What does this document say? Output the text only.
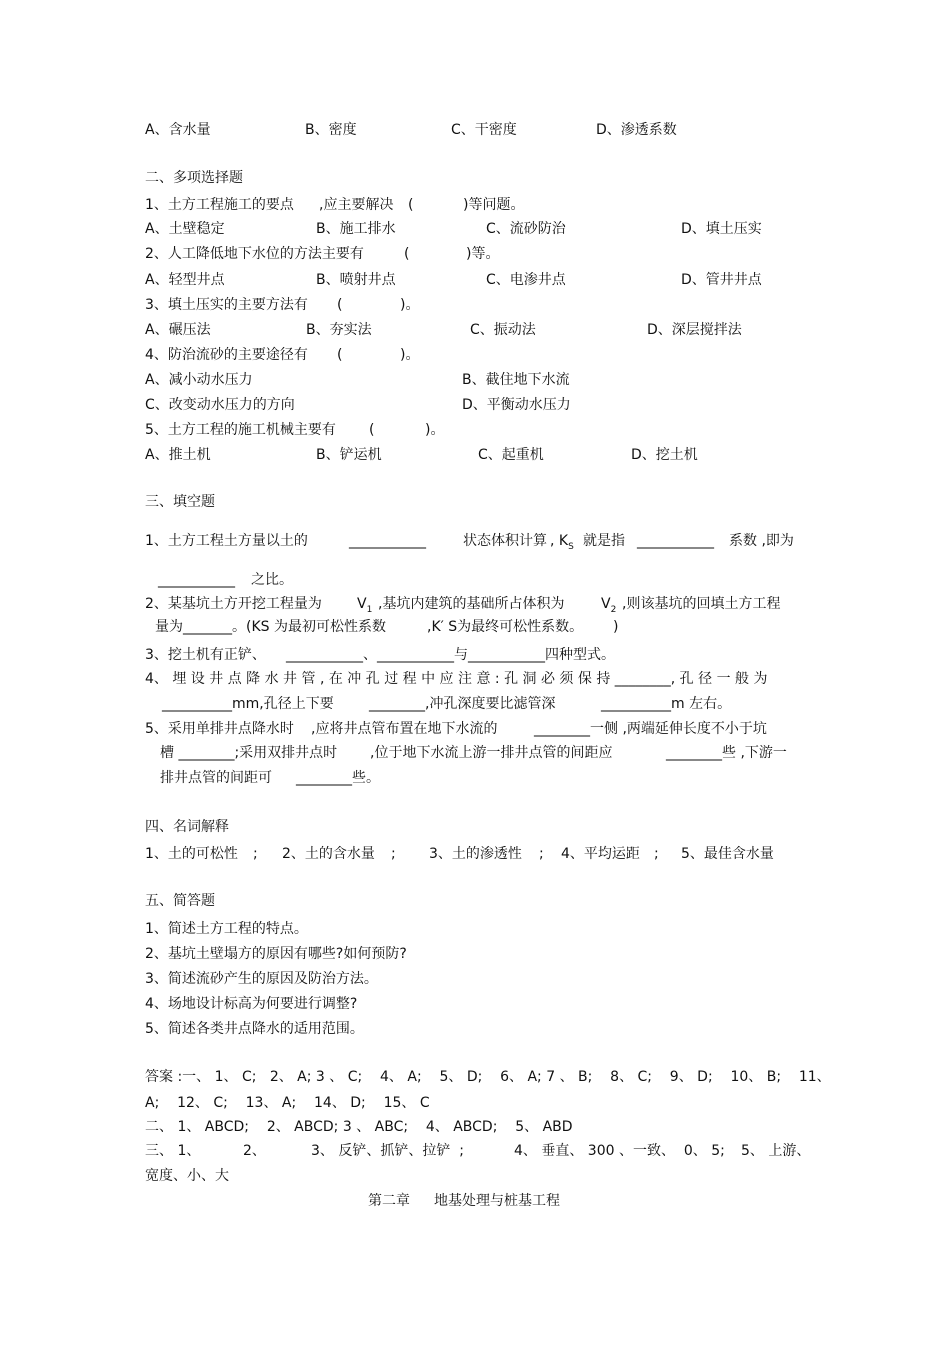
A、含水量	B、密度	C、干密度	D、渗透系数
二、多项选择题
1、土方工程施工的要点 ,应主要解决 (	)等问题。
A、土壁稳定	B、施工排水	C、流砂防治	D、填土压实
2、人工降低地下水位的方法主要有	(	)等。
A、轻型井点	B、喷射井点	C、电渗井点	D、管井井点
3、填土压实的主要方法有 (	)。
A、碾压法	B、夯实法	C、振动法	D、深层搅拌法
4、防治流砂的主要途径有 (	)。
A、减小动水压力	B、截住地下水流
C、改变动水压力的方向	D、平衡动水压力
5、土方工程的施工机械主要有 (	)。
A、推土机	B、铲运机	C、起重机	D、挖土机
三、填空题
1、土方工程土方量以土的	___________	状态体积计算 , $K_S$ 就是指 ___________ 系数 ,即为
___________ 之比。
2、某基坑土方开挖工程量为	$V_1$ ,基坑内建筑的基础所占体积为	$V_2$ ,则该基坑的回填土方工程
量为_______。(KS 为最初可松性系数	,K′ S为最终可松性系数。 )
3、挖土机有正铲、 ___________、___________与___________四种型式。
4、 埋 设 井 点 降 水 井 管 , 在 冲 孔 过 程 中 应 注 意 : 孔 洞 必 须 保 持 ________, 孔 径 一 般 为
__________mm,孔径上下要	________,冲孔深度要比滤管深	__________m 左右。
5、采用单排井点降水时 ,应将井点管布置在地下水流的	________一侧 ,两端延伸长度不小于坑
槽 ________;采用双排井点时 ,位于地下水流上游一排井点管的间距应	________些 ,下游一
排井点管的间距可 ________些。
四、名词解释
1、土的可松性 ; 2、土的含水量 ; 3、土的渗透性 ; 4、平均运距 ; 5、最佳含水量
五、简答题
1、简述土方工程的特点。
2、基坑土壁塌方的原因有哪些?如何预防?
3、简述流砂产生的原因及防治方法。
4、场地设计标高为何要进行调整?
5、简述各类井点降水的适用范围。
答案 :一、 1、 C;   2、 A; 3 、 C;    4、 A;    5、 D;    6、 A; 7 、 B;    8、 C;    9、 D;    10、 B;    11、
A;    12、 C;    13、 A;    14、 D;    15、 C
二、 1、 ABCD;    2、 ABCD; 3 、 ABC;    4、 ABCD;    5、 ABD
三、 1、	2、	3、 反铲、抓铲、拉铲  ;	4、 垂直、 300 、一致、  0、 5; 5、 上游、
宽度、小、大
第二章 地基处理与桩基工程
